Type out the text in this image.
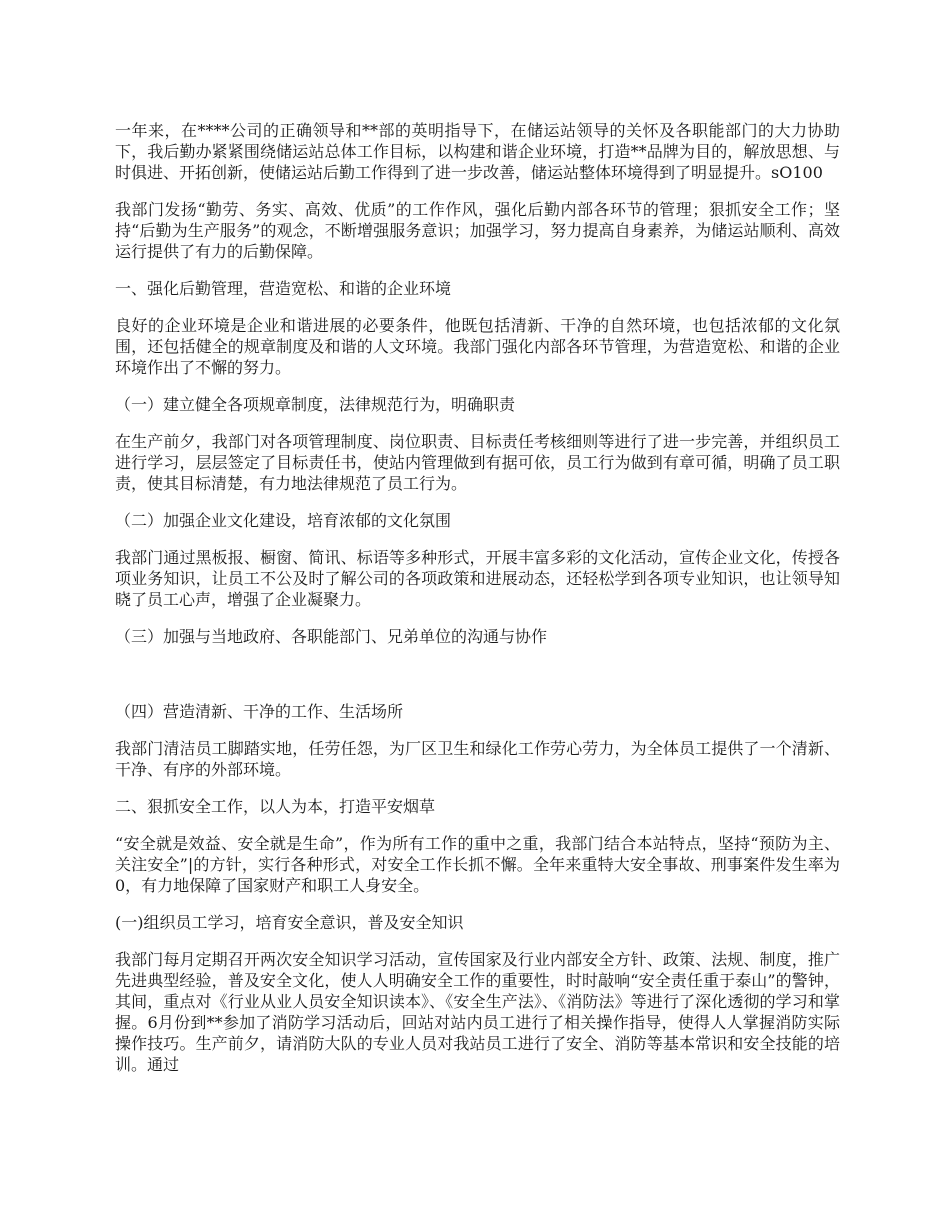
一年来，在****公司的正确领导和**部的英明指导下，在储运站领导的关怀及各职能部门的大力协助下，我后勤办紧紧围绕储运站总体工作目标，以构建和谐企业环境，打造**品牌为目的，解放思想、与时俱进、开拓创新，使储运站后勤工作得到了进一步改善，储运站整体环境得到了明显提升。sO100

我部门发扬“勤劳、务实、高效、优质”的工作作风，强化后勤内部各环节的管理；狠抓安全工作；坚持“后勤为生产服务”的观念，不断增强服务意识；加强学习，努力提高自身素养，为储运站顺利、高效运行提供了有力的后勤保障。

一、强化后勤管理，营造宽松、和谐的企业环境

良好的企业环境是企业和谐进展的必要条件，他既包括清新、干净的自然环境，也包括浓郁的文化氛围，还包括健全的规章制度及和谐的人文环境。我部门强化内部各环节管理，为营造宽松、和谐的企业环境作出了不懈的努力。

（一）建立健全各项规章制度，法律规范行为，明确职责

在生产前夕，我部门对各项管理制度、岗位职责、目标责任考核细则等进行了进一步完善，并组织员工进行学习，层层签定了目标责任书，使站内管理做到有据可依，员工行为做到有章可循，明确了员工职责，使其目标清楚，有力地法律规范了员工行为。

（二）加强企业文化建设，培育浓郁的文化氛围

我部门通过黑板报、橱窗、简讯、标语等多种形式，开展丰富多彩的文化活动，宣传企业文化，传授各项业务知识，让员工不公及时了解公司的各项政策和进展动态，还轻松学到各项专业知识，也让领导知晓了员工心声，增强了企业凝聚力。

（三）加强与当地政府、各职能部门、兄弟单位的沟通与协作

（四）营造清新、干净的工作、生活场所

我部门清洁员工脚踏实地，任劳任怨，为厂区卫生和绿化工作劳心劳力，为全体员工提供了一个清新、干净、有序的外部环境。

二、狠抓安全工作，以人为本，打造平安烟草

“安全就是效益、安全就是生命”，作为所有工作的重中之重，我部门结合本站特点，坚持“预防为主、关注安全”|的方针，实行各种形式，对安全工作长抓不懈。全年来重特大安全事故、刑事案件发生率为0，有力地保障了国家财产和职工人身安全。

(一)组织员工学习，培育安全意识，普及安全知识

我部门每月定期召开两次安全知识学习活动，宣传国家及行业内部安全方针、政策、法规、制度，推广先进典型经验，普及安全文化，使人人明确安全工作的重要性，时时敲响“安全责任重于泰山”的警钟，其间，重点对《行业从业人员安全知识读本》、《安全生产法》、《消防法》等进行了深化透彻的学习和掌握。6月份到**参加了消防学习活动后，回站对站内员工进行了相关操作指导，使得人人掌握消防实际操作技巧。生产前夕，请消防大队的专业人员对我站员工进行了安全、消防等基本常识和安全技能的培训。通过
